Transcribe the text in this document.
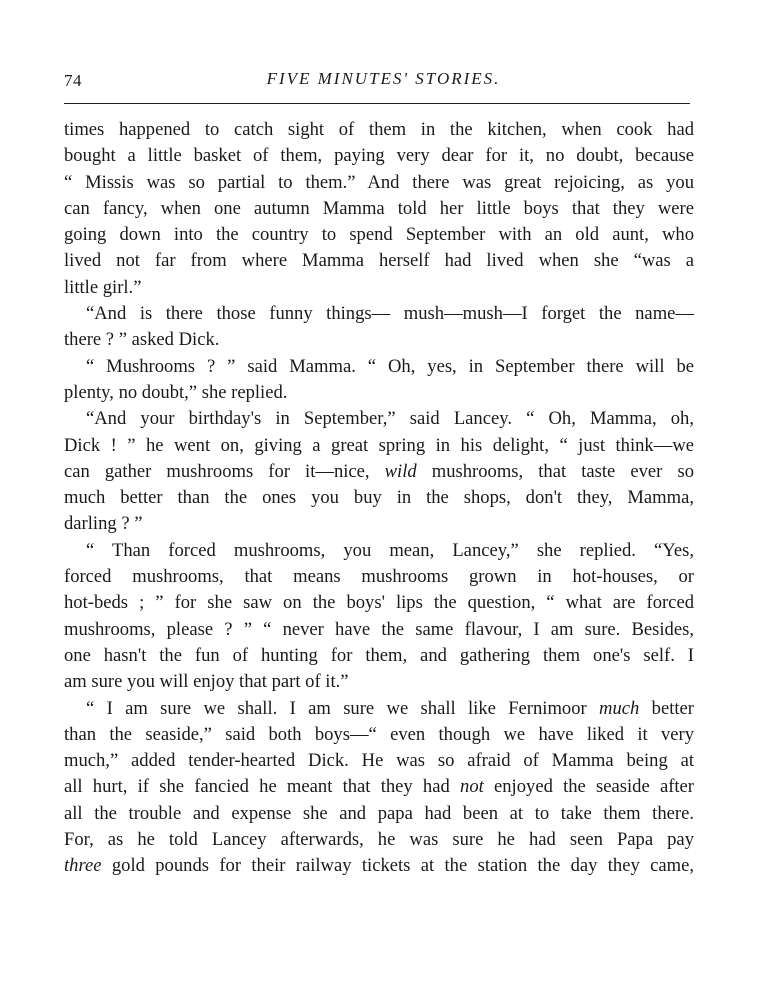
74	FIVE MINUTES' STORIES.
times happened to catch sight of them in the kitchen, when cook had
bought a little basket of them, paying very dear for it, no doubt, because
“ Missis was so partial to them.” And there was great rejoicing, as you
can fancy, when one autumn Mamma told her little boys that they were
going down into the country to spend September with an old aunt, who
lived not far from where Mamma herself had lived when she “was a
little girl.”
“And is there those funny things— mush—mush—I forget the name—
there ? ” asked Dick.
“ Mushrooms ? ” said Mamma. “ Oh, yes, in September there will be
plenty, no doubt,” she replied.
“And your birthday's in September,” said Lancey. “ Oh, Mamma, oh,
Dick ! ” he went on, giving a great spring in his delight, “ just think—we
can gather mushrooms for it—nice, wild mushrooms, that taste ever so
much better than the ones you buy in the shops, don't they, Mamma,
darling ? ”
“ Than forced mushrooms, you mean, Lancey,” she replied. “Yes,
forced mushrooms, that means mushrooms grown in hot-houses, or
hot-beds ; ” for she saw on the boys' lips the question, “ what are forced
mushrooms, please ? ” “ never have the same flavour, I am sure. Besides,
one hasn't the fun of hunting for them, and gathering them one's self. I
am sure you will enjoy that part of it.”
“ I am sure we shall. I am sure we shall like Fernimoor much better
than the seaside,” said both boys—“ even though we have liked it very
much,” added tender-hearted Dick. He was so afraid of Mamma being at
all hurt, if she fancied he meant that they had not enjoyed the seaside after
all the trouble and expense she and papa had been at to take them there.
For, as he told Lancey afterwards, he was sure he had seen Papa pay
three gold pounds for their railway tickets at the station the day they came,
